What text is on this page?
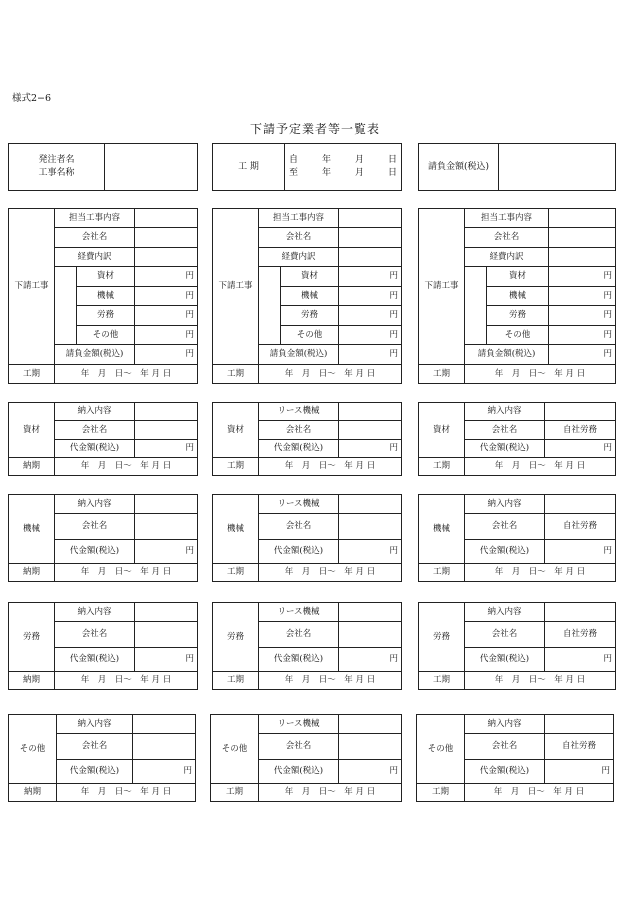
様式2−6
下請予定業者等一覧表
発注者名
工事名称

工 期	
自	年	月	日
至	年	月	日
請負金額(税込)	
下請工事	担当工事内容		
	会社名		
	経費内訳		
		資材	円
		機械	円
		労務	円
		その他	円
	請負金額(税込)		円
工期	年　月　日〜　年 月 日		
下請工事	担当工事内容		
	会社名		
	経費内訳		
		資材	円
		機械	円
		労務	円
		その他	円
	請負金額(税込)		円
工期	年　月　日〜　年 月 日		
下請工事	担当工事内容		
	会社名		
	経費内訳		
		資材	円
		機械	円
		労務	円
		その他	円
	請負金額(税込)		円
工期	年　月　日〜　年 月 日		
資材	納入内容	
	会社名	
	代金額(税込)	円
納期	年　月　日〜　年 月 日	
資材	リース機械	
	会社名	
	代金額(税込)	円
工期	年　月　日〜　年 月 日	
資材	納入内容	
	会社名	自社労務
	代金額(税込)	円
工期	年　月　日〜　年 月 日	
機械	納入内容	
	会社名	
	代金額(税込)	円
納期	年　月　日〜　年 月 日	
機械	リース機械	
	会社名	
	代金額(税込)	円
工期	年　月　日〜　年 月 日	
機械	納入内容	
	会社名	自社労務
	代金額(税込)	円
工期	年　月　日〜　年 月 日	
労務	納入内容	
	会社名	
	代金額(税込)	円
納期	年　月　日〜　年 月 日	
労務	リース機械	
	会社名	
	代金額(税込)	円
工期	年　月　日〜　年 月 日	
労務	納入内容	
	会社名	自社労務
	代金額(税込)	円
工期	年　月　日〜　年 月 日	
その他	納入内容	
	会社名	
	代金額(税込)	円
納期	年　月　日〜　年 月 日	
その他	リース機械	
	会社名	
	代金額(税込)	円
工期	年　月　日〜　年 月 日	
その他	納入内容	
	会社名	自社労務
	代金額(税込)	円
工期	年　月　日〜　年 月 日	
